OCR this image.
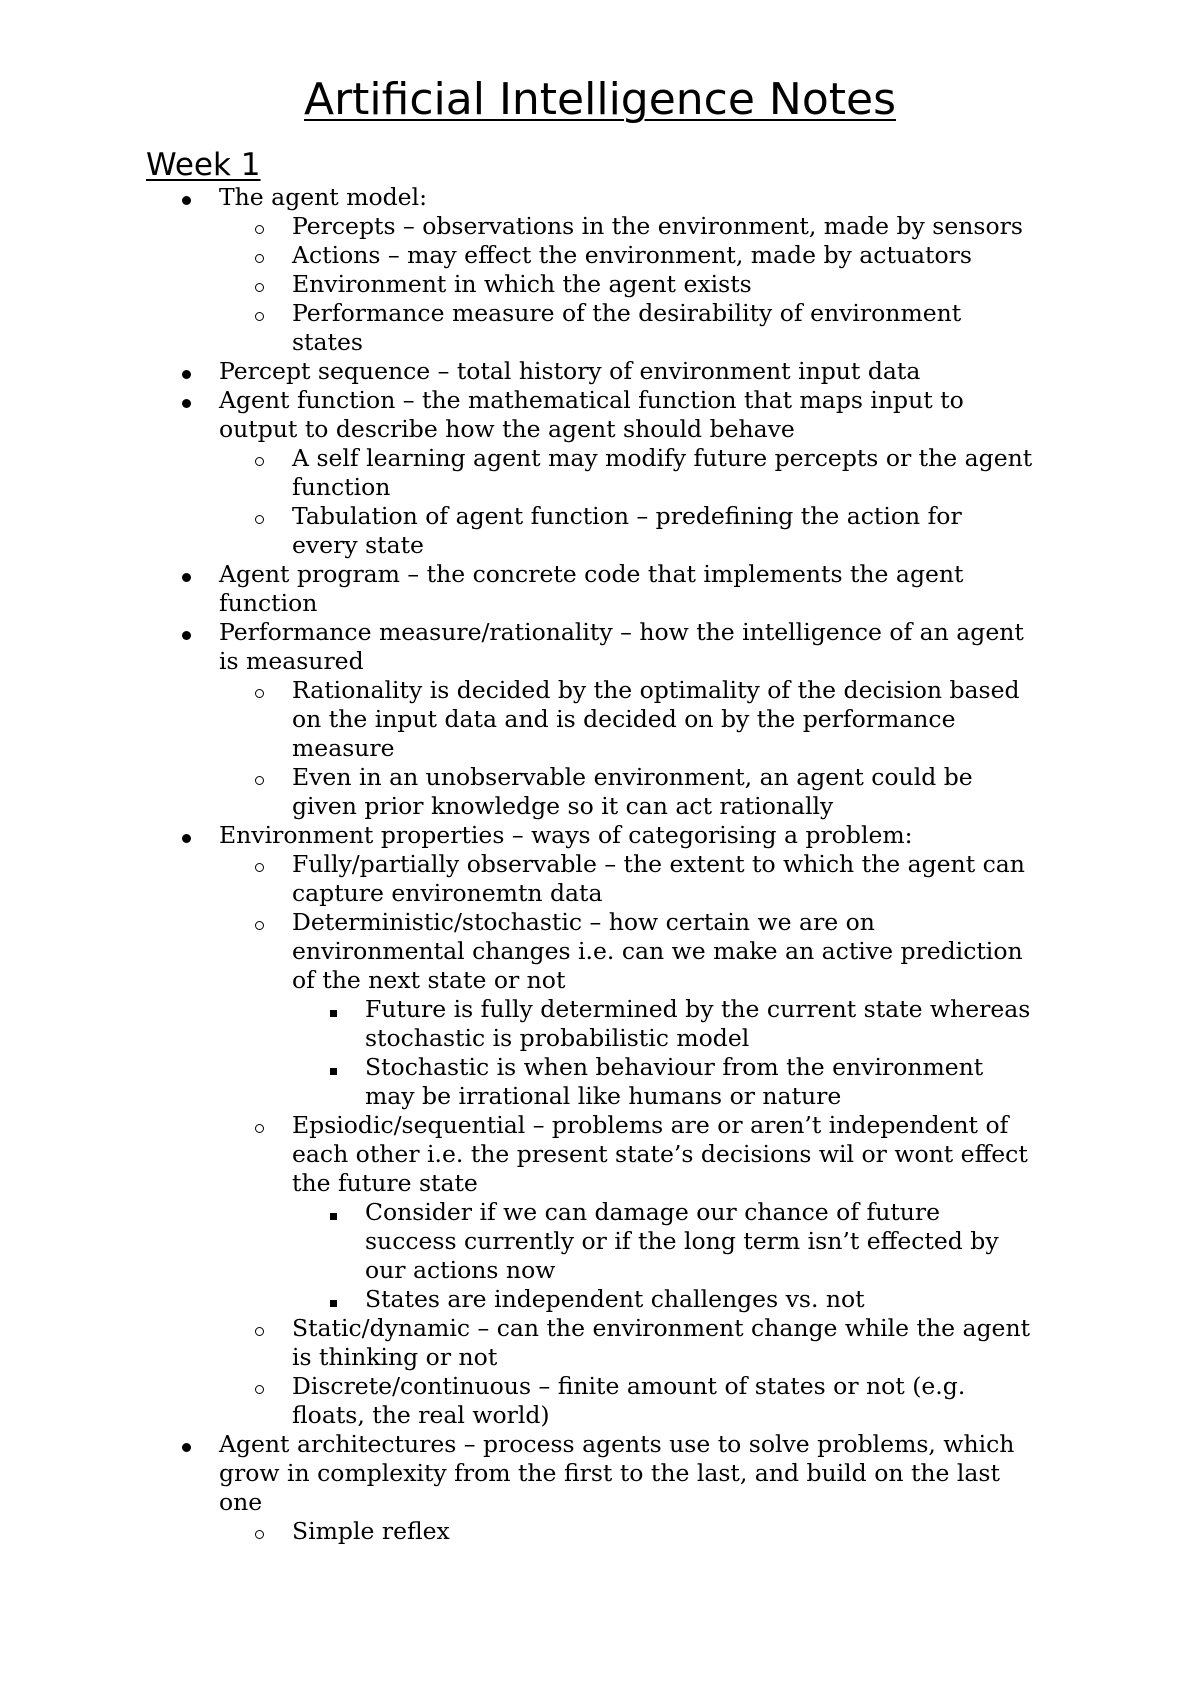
Artificial Intelligence Notes
Week 1
The agent model:
Percepts – observations in the environment, made by sensors
Actions – may effect the environment, made by actuators
Environment in which the agent exists
Performance measure of the desirability of environment
states
Percept sequence – total history of environment input data
Agent function – the mathematical function that maps input to
output to describe how the agent should behave
A self learning agent may modify future percepts or the agent
function
Tabulation of agent function – predefining the action for
every state
Agent program – the concrete code that implements the agent
function
Performance measure/rationality – how the intelligence of an agent
is measured
Rationality is decided by the optimality of the decision based
on the input data and is decided on by the performance
measure
Even in an unobservable environment, an agent could be
given prior knowledge so it can act rationally
Environment properties – ways of categorising a problem:
Fully/partially observable – the extent to which the agent can
capture environemtn data
Deterministic/stochastic – how certain we are on
environmental changes i.e. can we make an active prediction
of the next state or not
Future is fully determined by the current state whereas
stochastic is probabilistic model
Stochastic is when behaviour from the environment
may be irrational like humans or nature
Epsiodic/sequential – problems are or aren’t independent of
each other i.e. the present state’s decisions wil or wont effect
the future state
Consider if we can damage our chance of future
success currently or if the long term isn’t effected by
our actions now
States are independent challenges vs. not
Static/dynamic – can the environment change while the agent
is thinking or not
Discrete/continuous – finite amount of states or not (e.g.
floats, the real world)
Agent architectures – process agents use to solve problems, which
grow in complexity from the first to the last, and build on the last
one
Simple reflex
